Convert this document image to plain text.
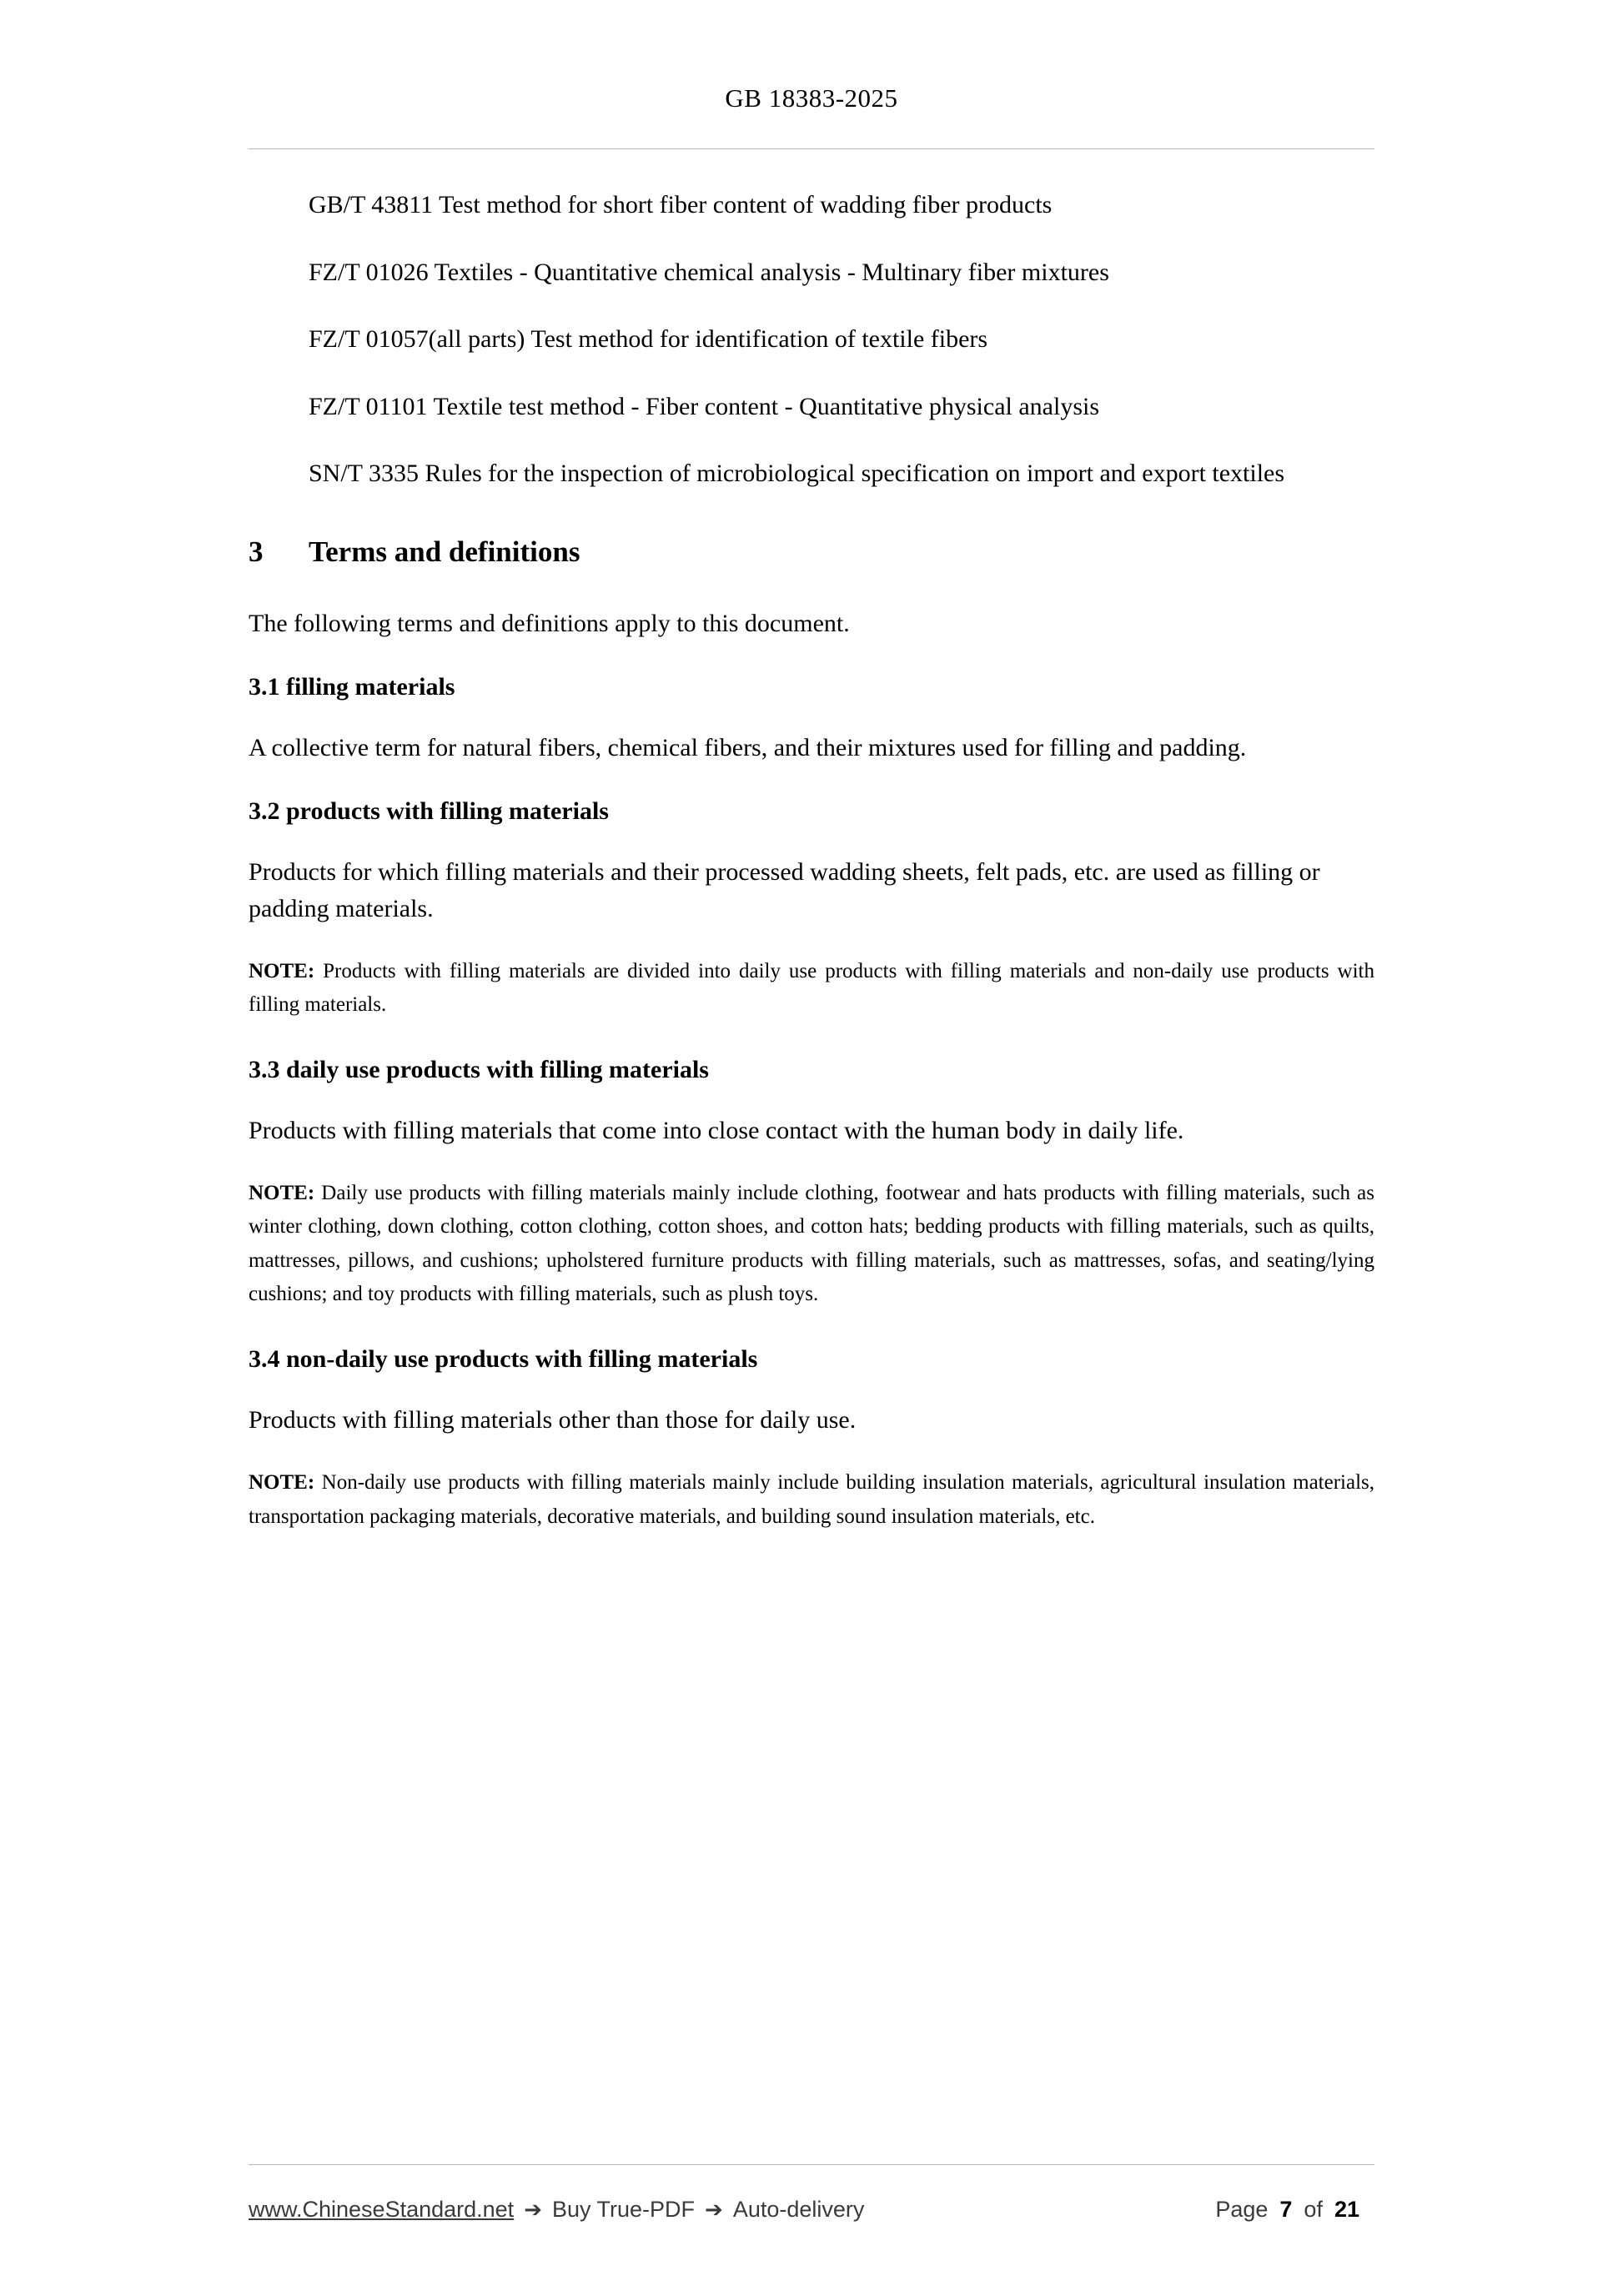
GB 18383-2025

GB/T 43811 Test method for short fiber content of wadding fiber products

FZ/T 01026 Textiles - Quantitative chemical analysis - Multinary fiber mixtures

FZ/T 01057(all parts) Test method for identification of textile fibers

FZ/T 01101 Textile test method - Fiber content - Quantitative physical analysis

SN/T 3335 Rules for the inspection of microbiological specification on import and export textiles

3	Terms and definitions

The following terms and definitions apply to this document.

3.1 filling materials

A collective term for natural fibers, chemical fibers, and their mixtures used for filling and padding.

3.2 products with filling materials

Products for which filling materials and their processed wadding sheets, felt pads, etc. are used as filling or padding materials.

NOTE: Products with filling materials are divided into daily use products with filling materials and non-daily use products with filling materials.

3.3 daily use products with filling materials

Products with filling materials that come into close contact with the human body in daily life.

NOTE: Daily use products with filling materials mainly include clothing, footwear and hats products with filling materials, such as winter clothing, down clothing, cotton clothing, cotton shoes, and cotton hats; bedding products with filling materials, such as quilts, mattresses, pillows, and cushions; upholstered furniture products with filling materials, such as mattresses, sofas, and seating/lying cushions; and toy products with filling materials, such as plush toys.

3.4 non-daily use products with filling materials

Products with filling materials other than those for daily use.

NOTE: Non-daily use products with filling materials mainly include building insulation materials, agricultural insulation materials, transportation packaging materials, decorative materials, and building sound insulation materials, etc.

www.ChineseStandard.net ➔ Buy True-PDF ➔ Auto-delivery	Page 7 of 21
